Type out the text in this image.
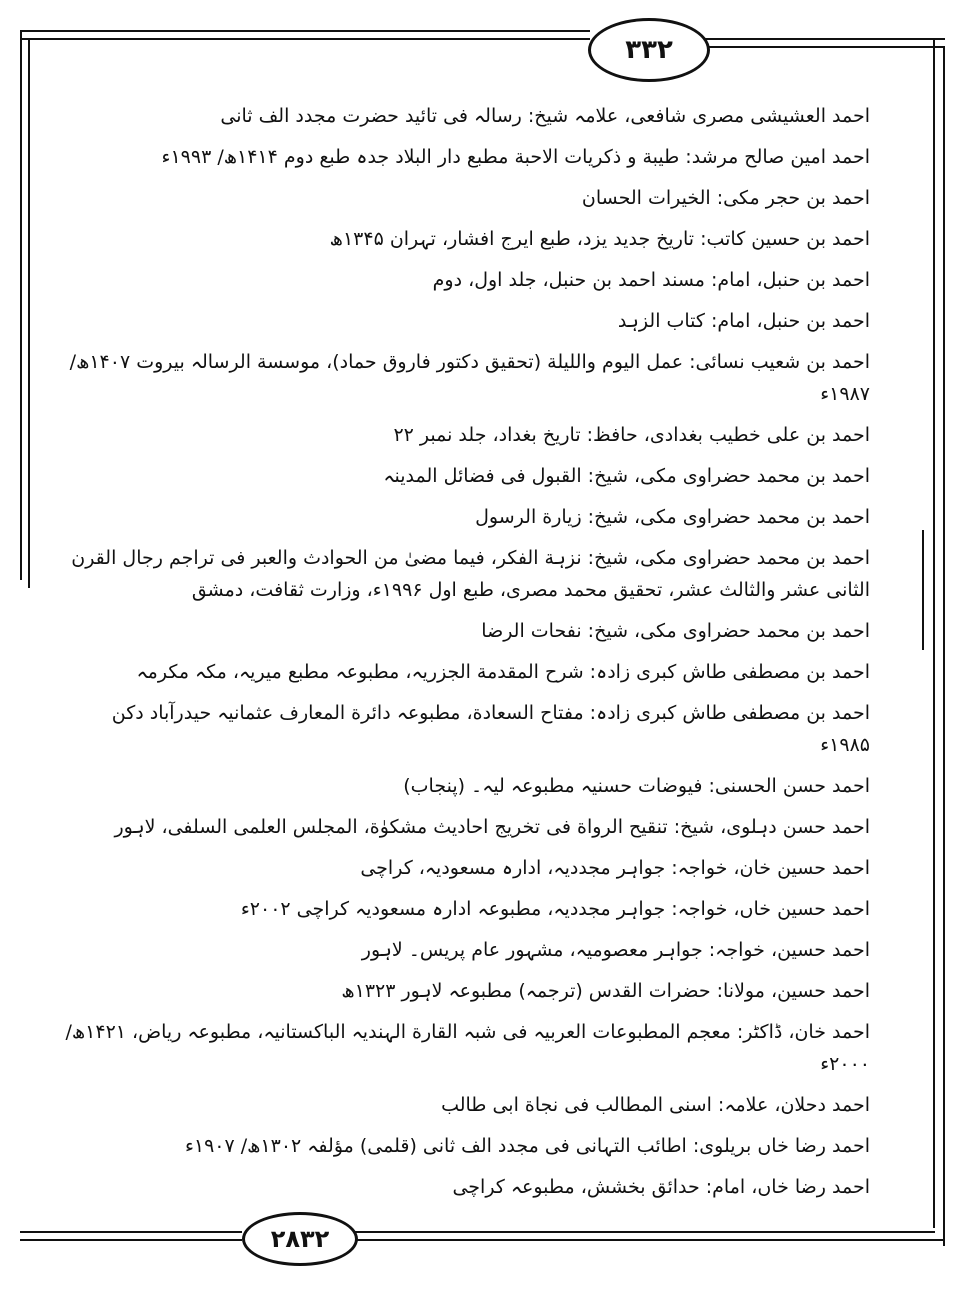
۳۳۲

احمد العشیشی مصری شافعی، علامہ شیخ: رسالہ فی تائید حضرت مجدد الف ثانی

احمد امین صالح مرشد: طیبة و ذکریات الاحبة مطبع دار البلاد جدہ طبع دوم ۱۴۱۴ھ/ ۱۹۹۳ء

احمد بن حجر مکی: الخیرات الحسان

احمد بن حسین کاتب: تاریخ جدید یزد، طبع ایرج افشار، تہران ۱۳۴۵ھ

احمد بن حنبل، امام: مسند احمد بن حنبل، جلد اول، دوم

احمد بن حنبل، امام: کتاب الزہد

احمد بن شعیب نسائی: عمل الیوم واللیلة (تحقیق دکتور فاروق حماد)، موسسة الرسالہ بیروت ۱۴۰۷ھ/ ۱۹۸۷ء

احمد بن علی خطیب بغدادی، حافظ: تاریخ بغداد، جلد نمبر ۲۲

احمد بن محمد حضراوی مکی، شیخ: القبول فی فضائل المدینہ

احمد بن محمد حضراوی مکی، شیخ: زیارة الرسول

احمد بن محمد حضراوی مکی، شیخ: نزہة الفکر، فیما مضیٰ من الحوادث والعبر فی تراجم رجال القرن الثانی عشر والثالث عشر، تحقیق محمد مصری، طبع اول ۱۹۹۶ء، وزارت ثقافت، دمشق

احمد بن محمد حضراوی مکی، شیخ: نفحات الرضا

احمد بن مصطفی طاش کبری زادہ: شرح المقدمة الجزریہ، مطبوعہ مطبع میریہ، مکہ مکرمہ

احمد بن مصطفی طاش کبری زادہ: مفتاح السعادة، مطبوعہ دائرة المعارف عثمانیہ حیدرآباد دکن ۱۹۸۵ء

احمد حسن الحسنی: فیوضات حسنیہ مطبوعہ لیہ۔ (پنجاب)

احمد حسن دہلوی، شیخ: تنقیح الرواة فی تخریج احادیث مشکوٰة، المجلس العلمی السلفی، لاہور

احمد حسین خان، خواجہ: جواہر مجددیہ، ادارہ مسعودیہ، کراچی

احمد حسین خاں، خواجہ: جواہر مجددیہ، مطبوعہ ادارہ مسعودیہ کراچی ۲۰۰۲ء

احمد حسین، خواجہ: جواہر معصومیہ، مشہور عام پریس۔ لاہور

احمد حسین، مولانا: حضرات القدس (ترجمہ) مطبوعہ لاہور ۱۳۲۳ھ

احمد خان، ڈاکٹر: معجم المطبوعات العربیہ فی شبہ القارة الہندیہ الباکستانیہ، مطبوعہ ریاض، ۱۴۲۱ھ/ ۲۰۰۰ء

احمد دحلان، علامہ: اسنی المطالب فی نجاة ابی طالب

احمد رضا خاں بریلوی: اطائب التہانی فی مجدد الف ثانی (قلمی) مؤلفہ ۱۳۰۲ھ/ ۱۹۰۷ء

احمد رضا خاں، امام: حدائق بخشش، مطبوعہ کراچی

۲۸۳۲
